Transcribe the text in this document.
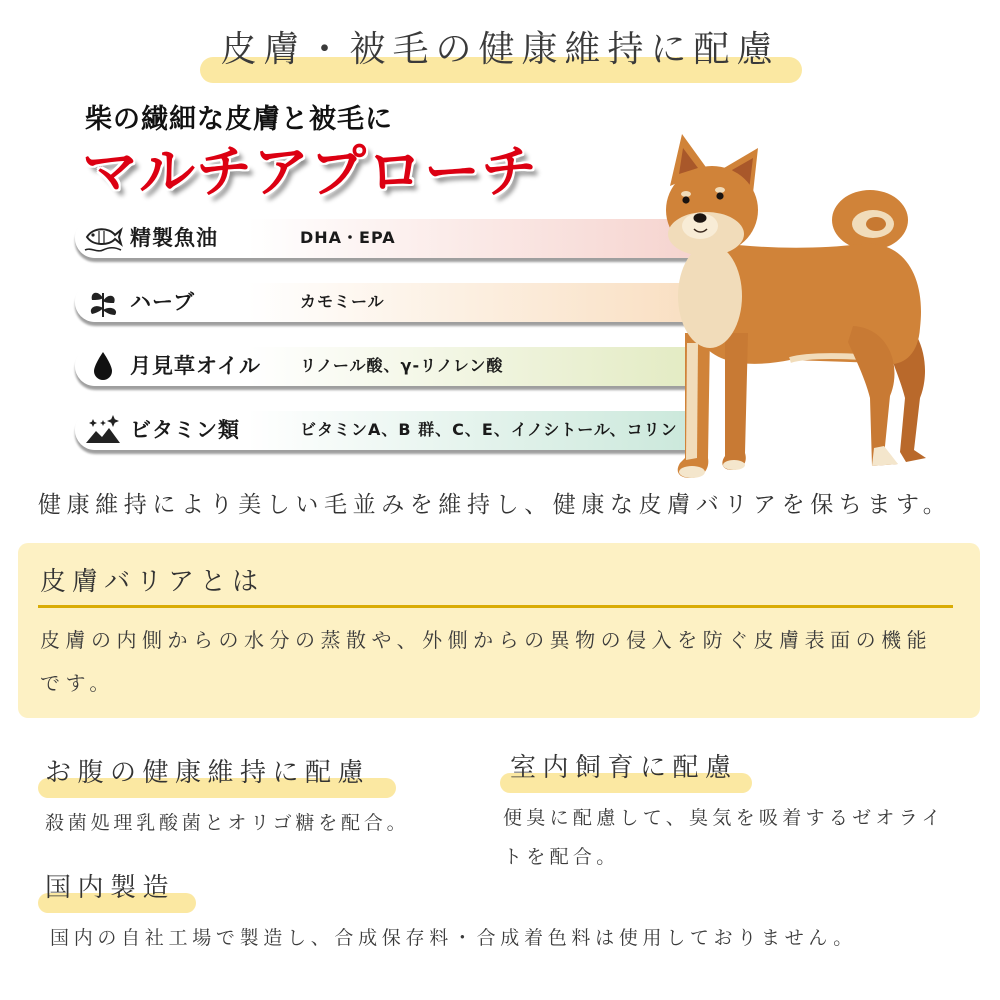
皮膚・被毛の健康維持に配慮
柴の繊細な皮膚と被毛に
マルチアプローチ
精製魚油	DHA・EPA
ハーブ	カモミール
月見草オイル リノール酸、γ-リノレン酸
ビタミン類	ビタミンA、B 群、C、E、イノシトール、コリン
健康維持により美しい毛並みを維持し、健康な皮膚バリアを保ちます。
皮膚バリアとは
皮膚の内側からの水分の蒸散や、外側からの異物の侵入を防ぐ皮膚表面の機能です。
お腹の健康維持に配慮
殺菌処理乳酸菌とオリゴ糖を配合。
室内飼育に配慮
便臭に配慮して、臭気を吸着するゼオライトを配合。
国内製造
国内の自社工場で製造し、合成保存料・合成着色料は使用しておりません。
